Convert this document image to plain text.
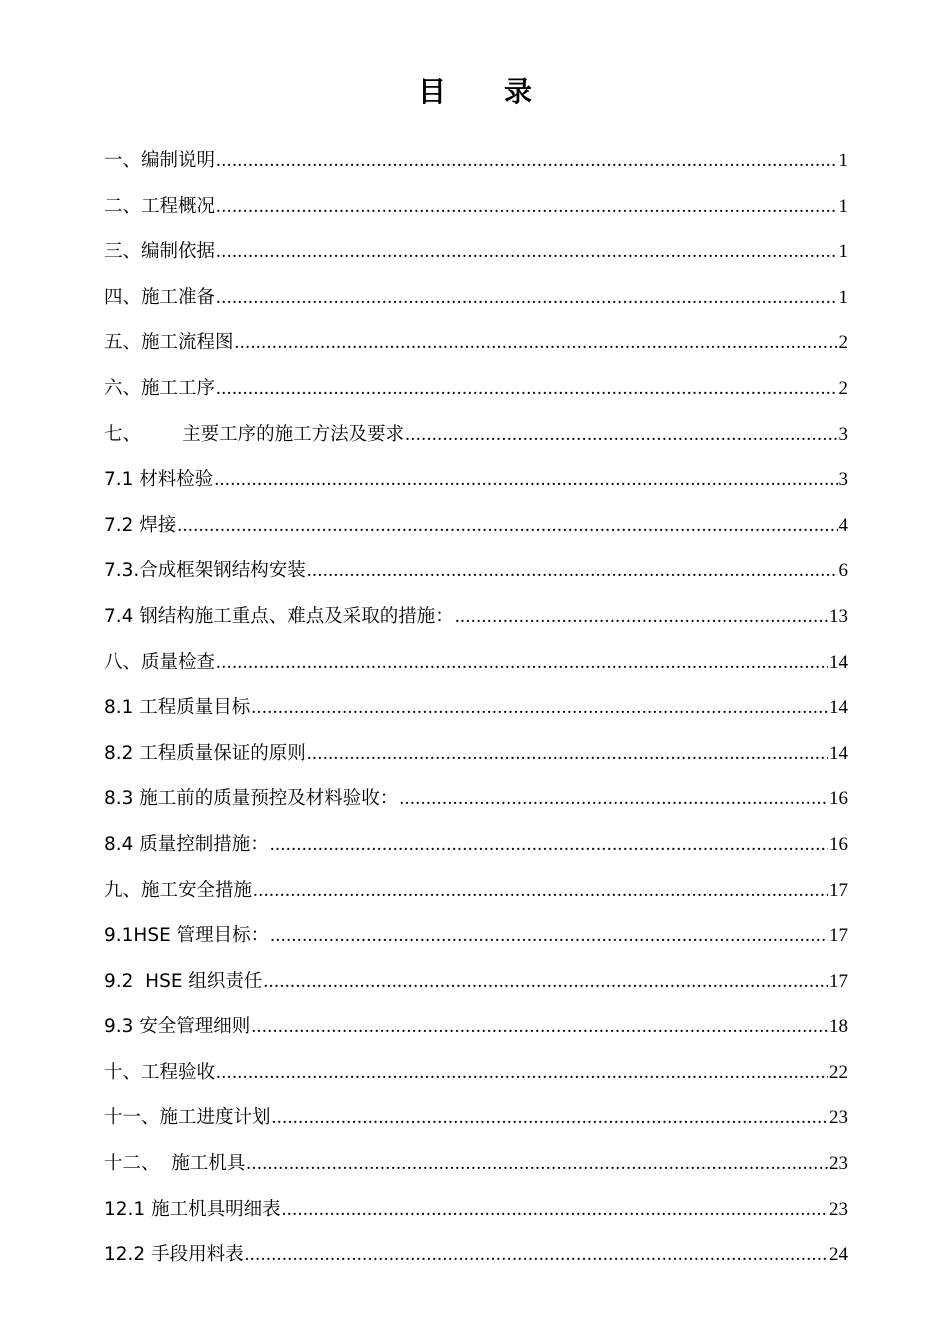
目 录
一、编制说明 .....	1
二、工程概况 .....	1
三、编制依据 .....	1
四、施工准备 .....	1
五、施工流程图 .....	2
六、施工工序 .....	2
七、       主要工序的施工方法及要求 .....	3
7.1 材料检验 .....	3
7.2 焊接 .....	4
7.3.合成框架钢结构安装 .....	6
7.4 钢结构施工重点、难点及采取的措施： .....	13
八、质量检查 .....	14
8.1 工程质量目标 .....	14
8.2 工程质量保证的原则 .....	14
8.3 施工前的质量预控及材料验收： .....	16
8.4 质量控制措施： .....	16
九、施工安全措施 .....	17
9.1HSE 管理目标： .....	17
9.2  HSE 组织责任 .....	17
9.3 安全管理细则 .....	18
十、工程验收 .....	22
十一、施工进度计划 .....	23
十二、  施工机具 .....	23
12.1 施工机具明细表 .....	23
12.2 手段用料表 .....	24
